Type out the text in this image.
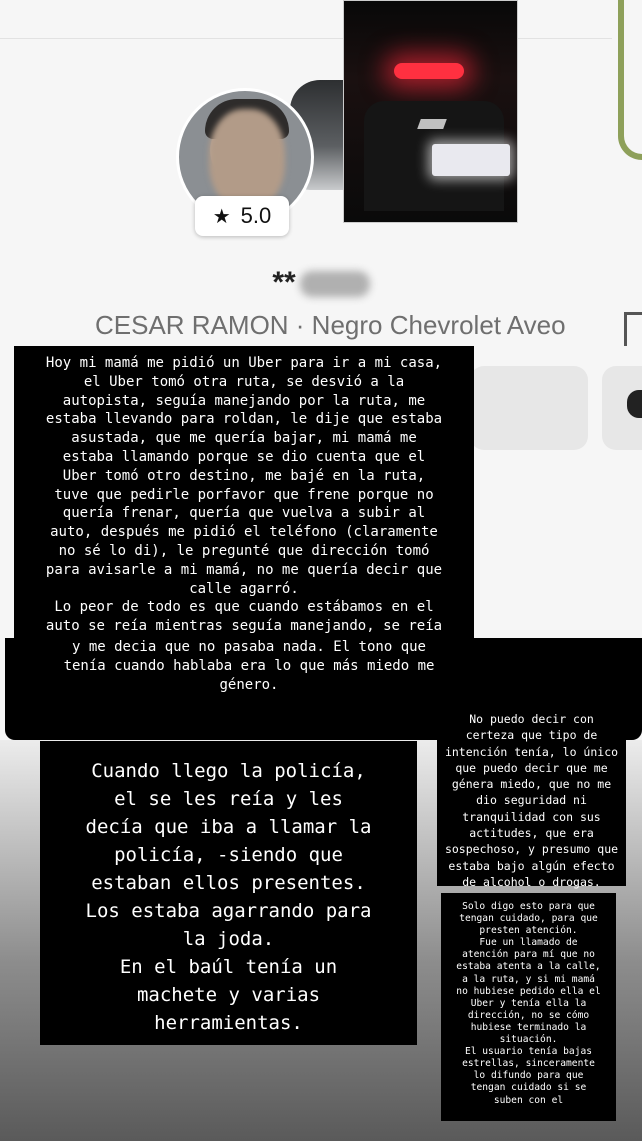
★ 5.0
**
CESAR RAMON · Negro Chevrolet Aveo

Hoy mi mamá me pidió un Uber para ir a mi casa,

el Uber tomó otra ruta, se desvió a la

autopista, seguía manejando por la ruta, me

estaba llevando para roldan, le dije que estaba

asustada, que me quería bajar, mi mamá me

estaba llamando porque se dio cuenta que el

Uber tomó otro destino, me bajé en la ruta,

tuve que pedirle porfavor que frene porque no

quería frenar, quería que vuelva a subir al

auto, después me pidió el teléfono (claramente

no sé lo di), le pregunté que dirección tomó

para avisarle a mi mamá, no me quería decir que

calle agarró.

Lo peor de todo es que cuando estábamos en el

auto se reía mientras seguía manejando, se reía

y me decia que no pasaba nada. El tono que

tenía cuando hablaba era lo que más miedo me

género.

Cuando llego la policía,

el se les reía y les

decía que iba a llamar la

policía, -siendo que

estaban ellos presentes.

Los estaba agarrando para

la joda.

En el baúl tenía un

machete y varias

herramientas.

No puedo decir con

certeza que tipo de

intención tenía, lo único

que puedo decir que me

génera miedo, que no me

dio seguridad ni

tranquilidad con sus

actitudes, que era

sospechoso, y presumo que

estaba bajo algún efecto

de alcohol o drogas.

Solo digo esto para que

tengan cuidado, para que

presten atención.

Fue un llamado de

atención para mí que no

estaba atenta a la calle,

a la ruta, y si mi mamá

no hubiese pedido ella el

Uber y tenía ella la

dirección, no se cómo

hubiese terminado la

situación.

El usuario tenía bajas

estrellas, sinceramente

lo difundo para que

tengan cuidado si se

suben con el
